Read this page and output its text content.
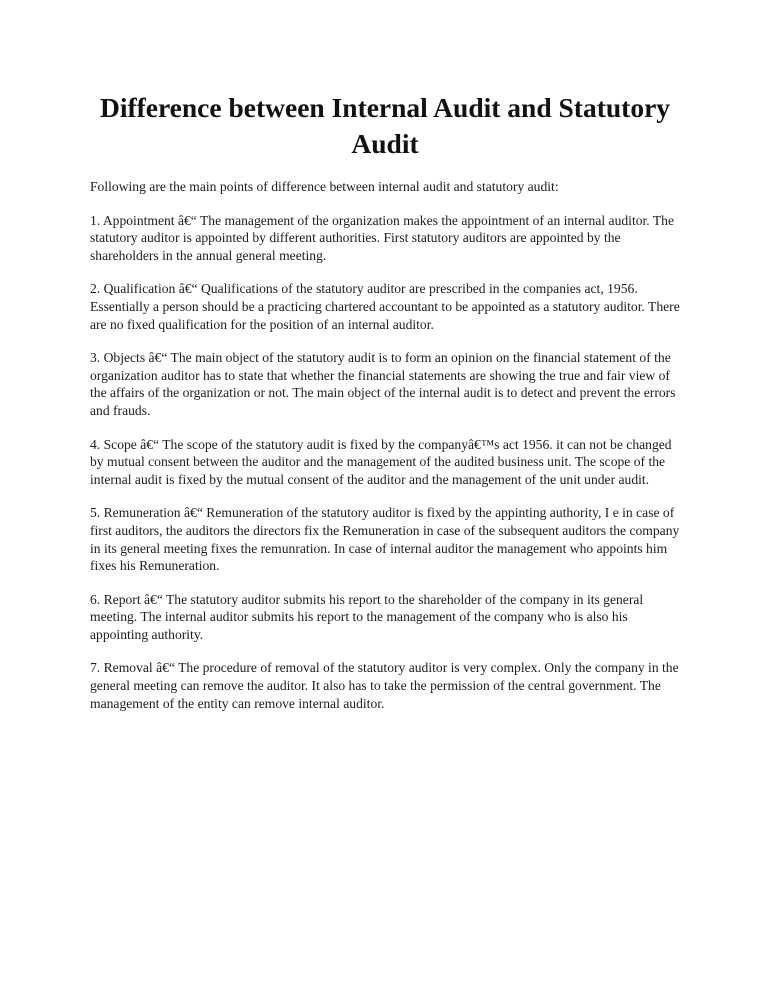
Difference between Internal Audit and Statutory Audit

Following are the main points of difference between internal audit and statutory audit:

1. Appointment â€“ The management of the organization makes the appointment of an internal auditor. The statutory auditor is appointed by different authorities. First statutory auditors are appointed by the shareholders in the annual general meeting.

2. Qualification â€“ Qualifications of the statutory auditor are prescribed in the companies act, 1956. Essentially a person should be a practicing chartered accountant to be appointed as a statutory auditor. There are no fixed qualification for the position of an internal auditor.

3. Objects â€“ The main object of the statutory audit is to form an opinion on the financial statement of the organization auditor has to state that whether the financial statements are showing the true and fair view of the affairs of the organization or not. The main object of the internal audit is to detect and prevent the errors and frauds.

4. Scope â€“ The scope of the statutory audit is fixed by the companyâ€™s act 1956. it can not be changed by mutual consent between the auditor and the management of the audited business unit. The scope of the internal audit is fixed by the mutual consent of the auditor and the management of the unit under audit.

5. Remuneration â€“ Remuneration of the statutory auditor is fixed by the appinting authority, I e in case of first auditors, the auditors the directors fix the Remuneration in case of the subsequent auditors the company in its general meeting fixes the remunration. In case of internal auditor the management who appoints him fixes his Remuneration.

6. Report â€“ The statutory auditor submits his report to the shareholder of the company in its general meeting. The internal auditor submits his report to the management of the company who is also his appointing authority.

7. Removal â€“ The procedure of removal of the statutory auditor is very complex. Only the company in the general meeting can remove the auditor. It also has to take the permission of the central government. The management of the entity can remove internal auditor.
